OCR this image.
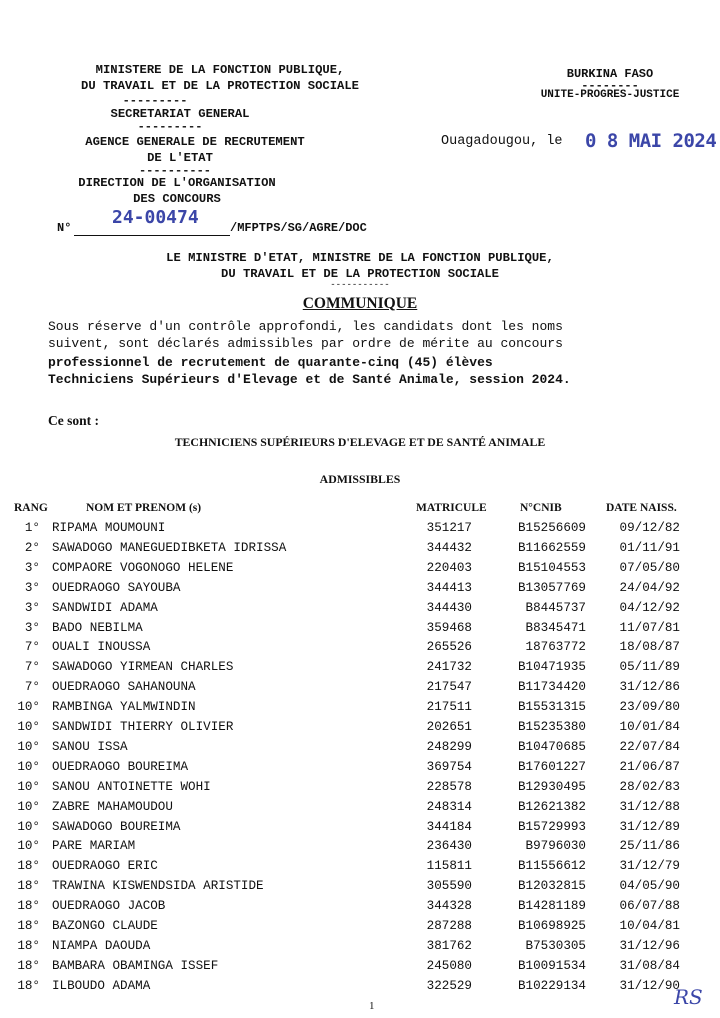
MINISTERE DE LA FONCTION PUBLIQUE,
DU TRAVAIL ET DE LA PROTECTION SOCIALE
---------
SECRETARIAT GENERAL
---------
AGENCE GENERALE DE RECRUTEMENT
DE L'ETAT
----------
DIRECTION DE L'ORGANISATION
DES CONCOURS
N° 24-00474	/MFPTPS/SG/AGRE/DOC
BURKINA FASO
--------
UNITE-PROGRES-JUSTICE
Ouagadougou, le 0 8 MAI 2024
LE MINISTRE D'ETAT, MINISTRE DE LA FONCTION PUBLIQUE,
DU TRAVAIL ET DE LA PROTECTION SOCIALE
-----------
COMMUNIQUE
Sous réserve d'un contrôle approfondi, les candidats dont les noms
suivent, sont déclarés admissibles par ordre de mérite au concours
professionnel de recrutement de quarante-cinq (45) élèves
Techniciens Supérieurs d'Elevage et de Santé Animale, session 2024.
Ce sont :
TECHNICIENS SUPÉRIEURS D'ELEVAGE ET DE SANTÉ ANIMALE
ADMISSIBLES
RANG	NOM ET PRENOM (s)	MATRICULE	N°CNIB	DATE NAISS.
1° RIPAMA MOUMOUNI	351217	B15256609	09/12/82
2° SAWADOGO MANEGUEDIBKETA IDRISSA	344432	B11662559	01/11/91
3° COMPAORE VOGONOGO HELENE	220403	B15104553	07/05/80
3° OUEDRAOGO SAYOUBA	344413	B13057769	24/04/92
3° SANDWIDI ADAMA	344430	B8445737	04/12/92
3° BADO NEBILMA	359468	B8345471	11/07/81
7° OUALI INOUSSA	265526	18763772	18/08/87
7° SAWADOGO YIRMEAN CHARLES	241732	B10471935	05/11/89
7° OUEDRAOGO SAHANOUNA	217547	B11734420	31/12/86
10° RAMBINGA YALMWINDIN	217511	B15531315	23/09/80
10° SANDWIDI THIERRY OLIVIER	202651	B15235380	10/01/84
10° SANOU ISSA	248299	B10470685	22/07/84
10° OUEDRAOGO BOUREIMA	369754	B17601227	21/06/87
10° SANOU ANTOINETTE WOHI	228578	B12930495	28/02/83
10° ZABRE MAHAMOUDOU	248314	B12621382	31/12/88
10° SAWADOGO BOUREIMA	344184	B15729993	31/12/89
10° PARE MARIAM	236430	B9796030	25/11/86
18° OUEDRAOGO ERIC	115811	B11556612	31/12/79
18° TRAWINA KISWENDSIDA ARISTIDE	305590	B12032815	04/05/90
18° OUEDRAOGO JACOB	344328	B14281189	06/07/88
18° BAZONGO CLAUDE	287288	B10698925	10/04/81
18° NIAMPA DAOUDA	381762	B7530305	31/12/96
18° BAMBARA OBAMINGA ISSEF	245080	B10091534	31/08/84
18° ILBOUDO ADAMA	322529	B10229134	31/12/90
1	RS
